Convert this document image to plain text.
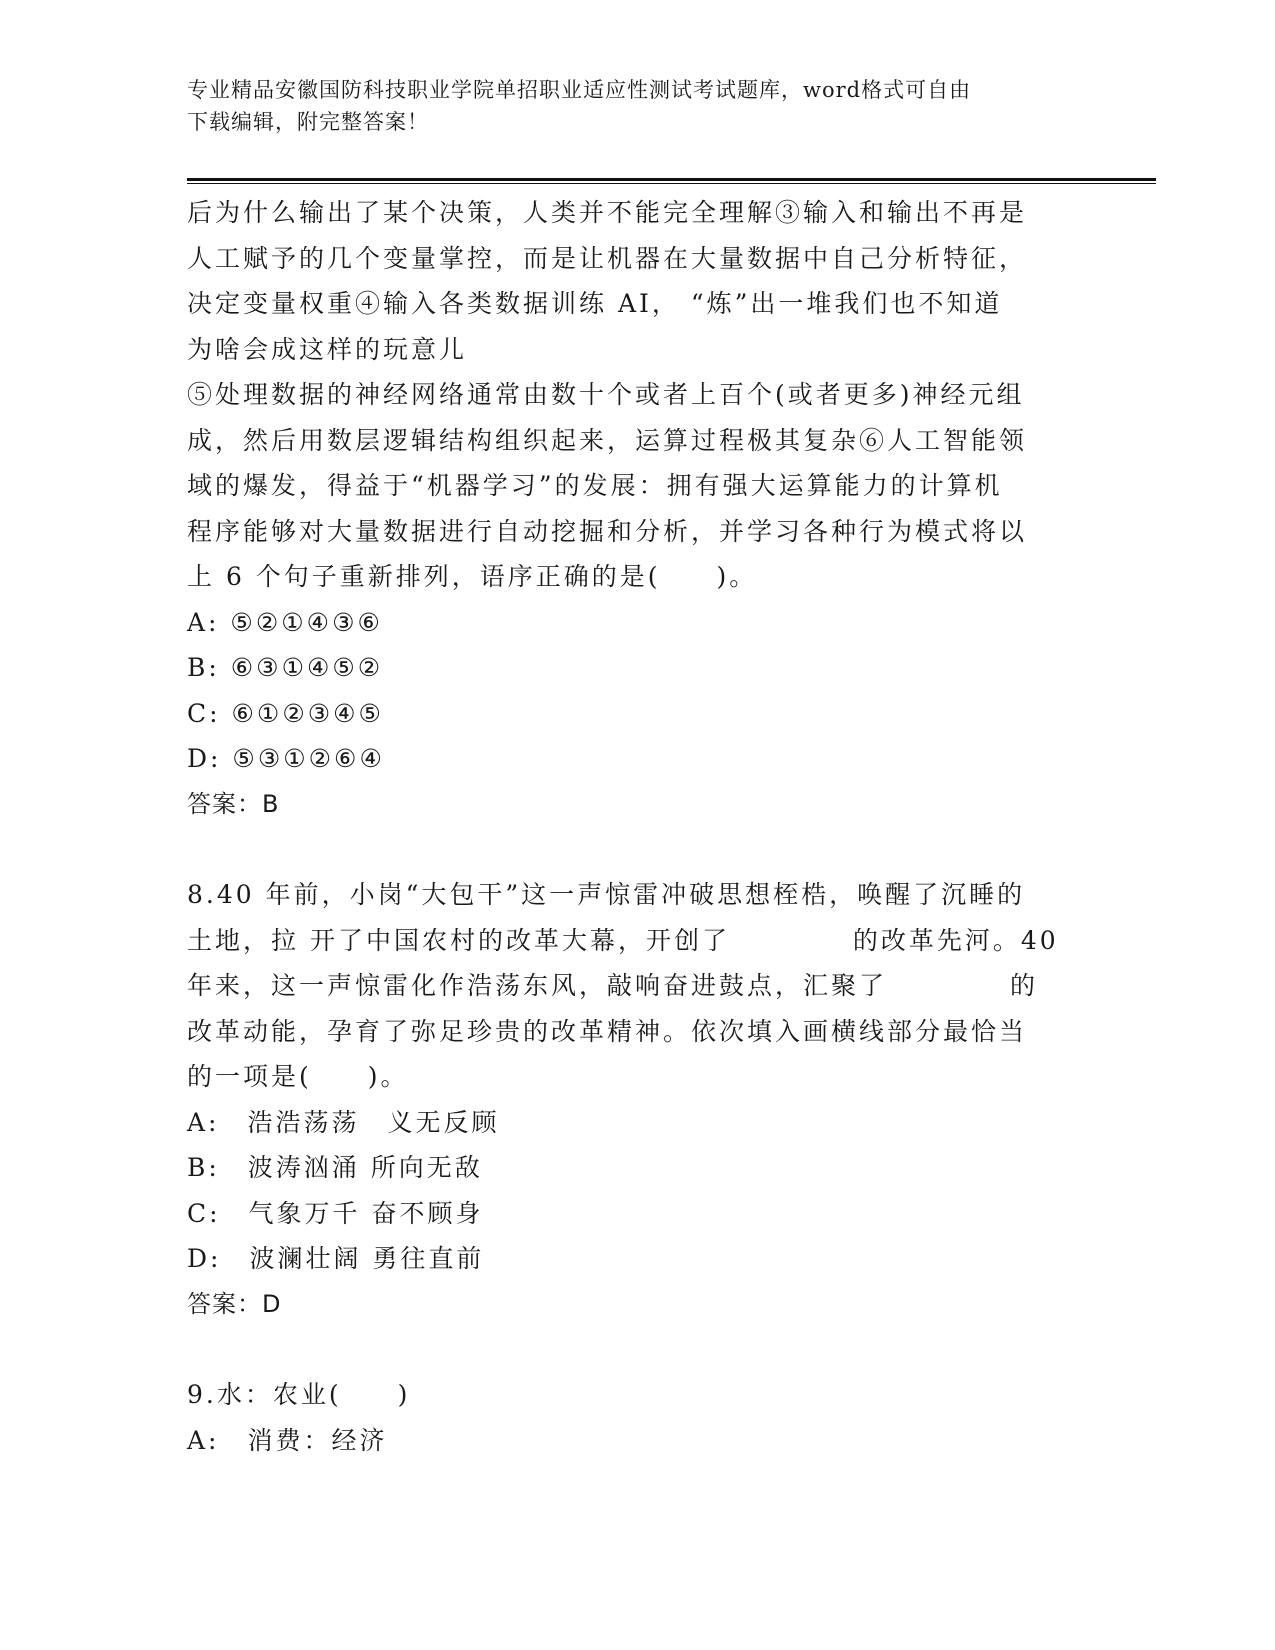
专业精品安徽国防科技职业学院单招职业适应性测试考试题库，word格式可自由
下载编辑，附完整答案！
后为什么输出了某个决策，人类并不能完全理解③输入和输出不再是
人工赋予的几个变量掌控，而是让机器在大量数据中自己分析特征，
决定变量权重④输入各类数据训练 AI， “炼”出一堆我们也不知道
为啥会成这样的玩意儿
⑤处理数据的神经网络通常由数十个或者上百个(或者更多)神经元组
成，然后用数层逻辑结构组织起来，运算过程极其复杂⑥人工智能领
域的爆发，得益于“机器学习”的发展：拥有强大运算能力的计算机
程序能够对大量数据进行自动挖掘和分析，并学习各种行为模式将以
上 6 个句子重新排列，语序正确的是(　　)。
A: ⑤②①④③⑥
B: ⑥③①④⑤②
C: ⑥①②③④⑤
D: ⑤③①②⑥④
答案：B
8.40 年前，小岗“大包干”这一声惊雷冲破思想桎梏，唤醒了沉睡的
土地，拉 开了中国农村的改革大幕，开创了　　　　 的改革先河。40
年来，这一声惊雷化作浩荡东风，敲响奋进鼓点，汇聚了　　　　 的
改革动能，孕育了弥足珍贵的改革精神。依次填入画横线部分最恰当
的一项是(　　)。
A:　浩浩荡荡　义无反顾
B:　波涛汹涌 所向无敌
C:　气象万千 奋不顾身
D:　波澜壮阔 勇往直前
答案：D
9.水：农业(　　)
A:　消费：经济
